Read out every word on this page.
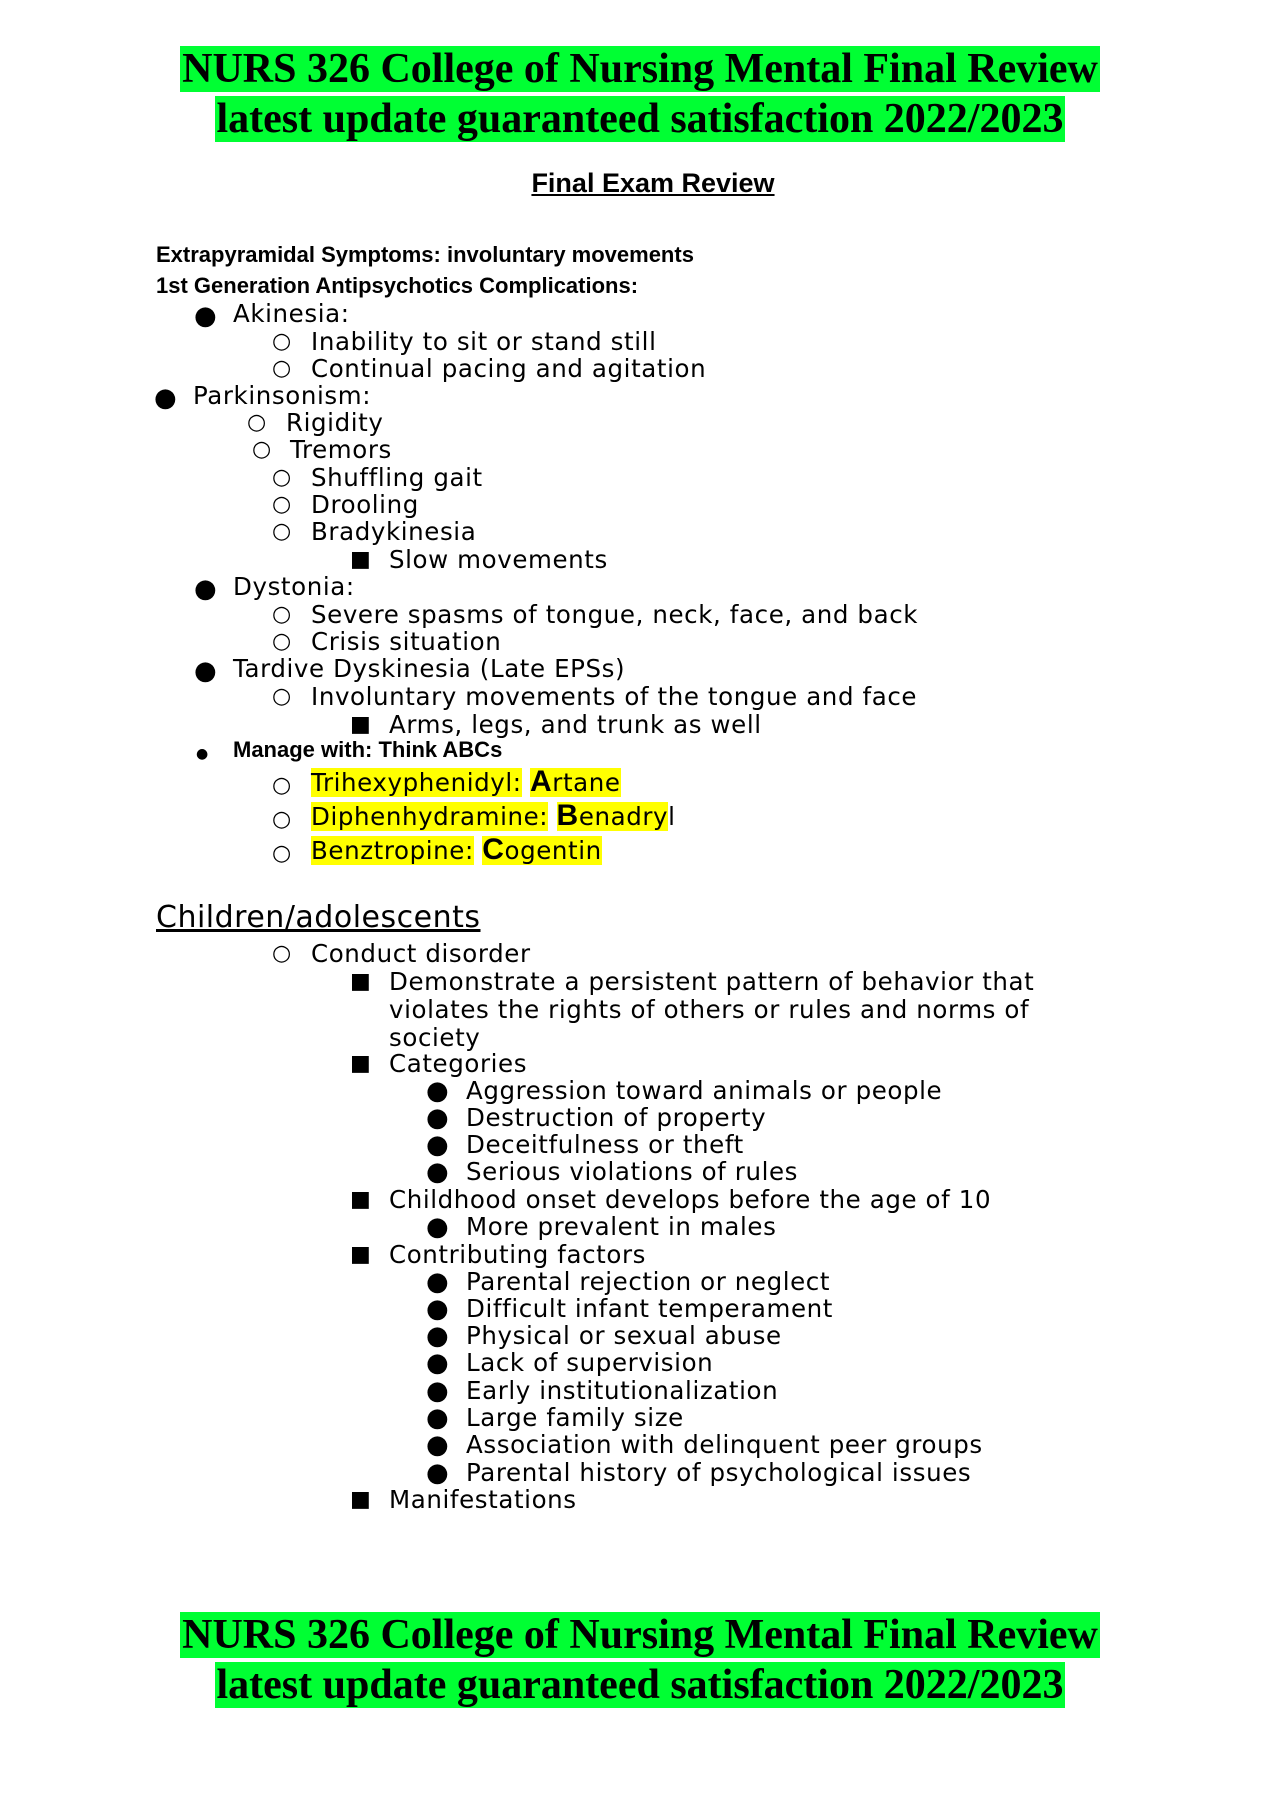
NURS 326 College of Nursing Mental Final Review
latest update guaranteed satisfaction 2022/2023
Final Exam Review
Extrapyramidal Symptoms: involuntary movements
1st Generation Antipsychotics Complications:
● Akinesia:
○ Inability to sit or stand still
○ Continual pacing and agitation
● Parkinsonism:
○ Rigidity
○ Tremors
○ Shuffling gait
○ Drooling
○ Bradykinesia
■ Slow movements
● Dystonia:
○ Severe spasms of tongue, neck, face, and back
○ Crisis situation
● Tardive Dyskinesia (Late EPSs)
○ Involuntary movements of the tongue and face
■ Arms, legs, and trunk as well
● Manage with: Think ABCs
○ Trihexyphenidyl: Artane
○ Diphenhydramine: Benadryl
○ Benztropine: Cogentin
Children/adolescents
○ Conduct disorder
■ Demonstrate a persistent pattern of behavior that
violates the rights of others or rules and norms of
society
■ Categories
● Aggression toward animals or people
● Destruction of property
● Deceitfulness or theft
● Serious violations of rules
■ Childhood onset develops before the age of 10
● More prevalent in males
■ Contributing factors
● Parental rejection or neglect
● Difficult infant temperament
● Physical or sexual abuse
● Lack of supervision
● Early institutionalization
● Large family size
● Association with delinquent peer groups
● Parental history of psychological issues
■ Manifestations
NURS 326 College of Nursing Mental Final Review
latest update guaranteed satisfaction 2022/2023
